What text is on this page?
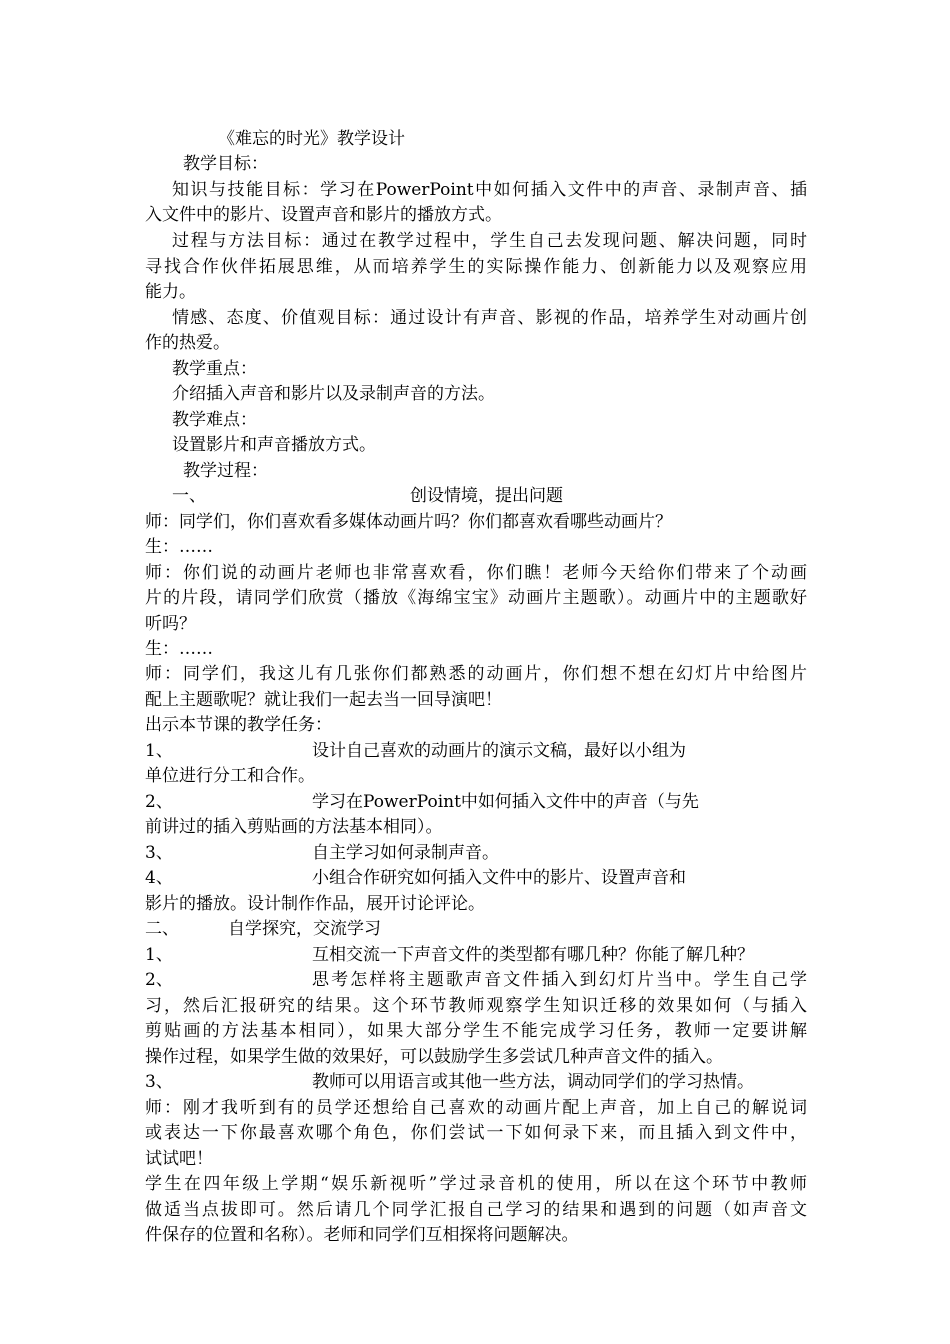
《难忘的时光》教学设计
教学目标：
知识与技能目标：学习在PowerPoint中如何插入文件中的声音、录制声音、插
入文件中的影片、设置声音和影片的播放方式。
过程与方法目标：通过在教学过程中，学生自己去发现问题、解决问题，同时
寻找合作伙伴拓展思维，从而培养学生的实际操作能力、创新能力以及观察应用
能力。
情感、态度、价值观目标：通过设计有声音、影视的作品，培养学生对动画片创
作的热爱。
教学重点：
介绍插入声音和影片以及录制声音的方法。
教学难点：
设置影片和声音播放方式。
教学过程：
一、	创设情境，提出问题
师：同学们，你们喜欢看多媒体动画片吗？你们都喜欢看哪些动画片？
生：……
师：你们说的动画片老师也非常喜欢看，你们瞧！老师今天给你们带来了个动画
片的片段，请同学们欣赏（播放《海绵宝宝》动画片主题歌）。动画片中的主题歌好
听吗？
生：……
师：同学们，我这儿有几张你们都熟悉的动画片，你们想不想在幻灯片中给图片
配上主题歌呢？就让我们一起去当一回导演吧！
出示本节课的教学任务：
1、	设计自己喜欢的动画片的演示文稿，最好以小组为
单位进行分工和合作。
2、	学习在PowerPoint中如何插入文件中的声音（与先
前讲过的插入剪贴画的方法基本相同）。
3、	自主学习如何录制声音。
4、	小组合作研究如何插入文件中的影片、设置声音和
影片的播放。设计制作作品，展开讨论评论。
二、	自学探究，交流学习
1、	互相交流一下声音文件的类型都有哪几种？你能了解几种？
2、	思考怎样将主题歌声音文件插入到幻灯片当中。学生自己学
习，然后汇报研究的结果。这个环节教师观察学生知识迁移的效果如何（与插入
剪贴画的方法基本相同），如果大部分学生不能完成学习任务，教师一定要讲解
操作过程，如果学生做的效果好，可以鼓励学生多尝试几种声音文件的插入。
3、	教师可以用语言或其他一些方法，调动同学们的学习热情。
师：刚才我听到有的员学还想给自己喜欢的动画片配上声音，加上自己的解说词
或表达一下你最喜欢哪个角色，你们尝试一下如何录下来，而且插入到文件中，
试试吧！
学生在四年级上学期“娱乐新视听”学过录音机的使用，所以在这个环节中教师
做适当点拔即可。然后请几个同学汇报自己学习的结果和遇到的问题（如声音文
件保存的位置和名称）。老师和同学们互相探将问题解决。
